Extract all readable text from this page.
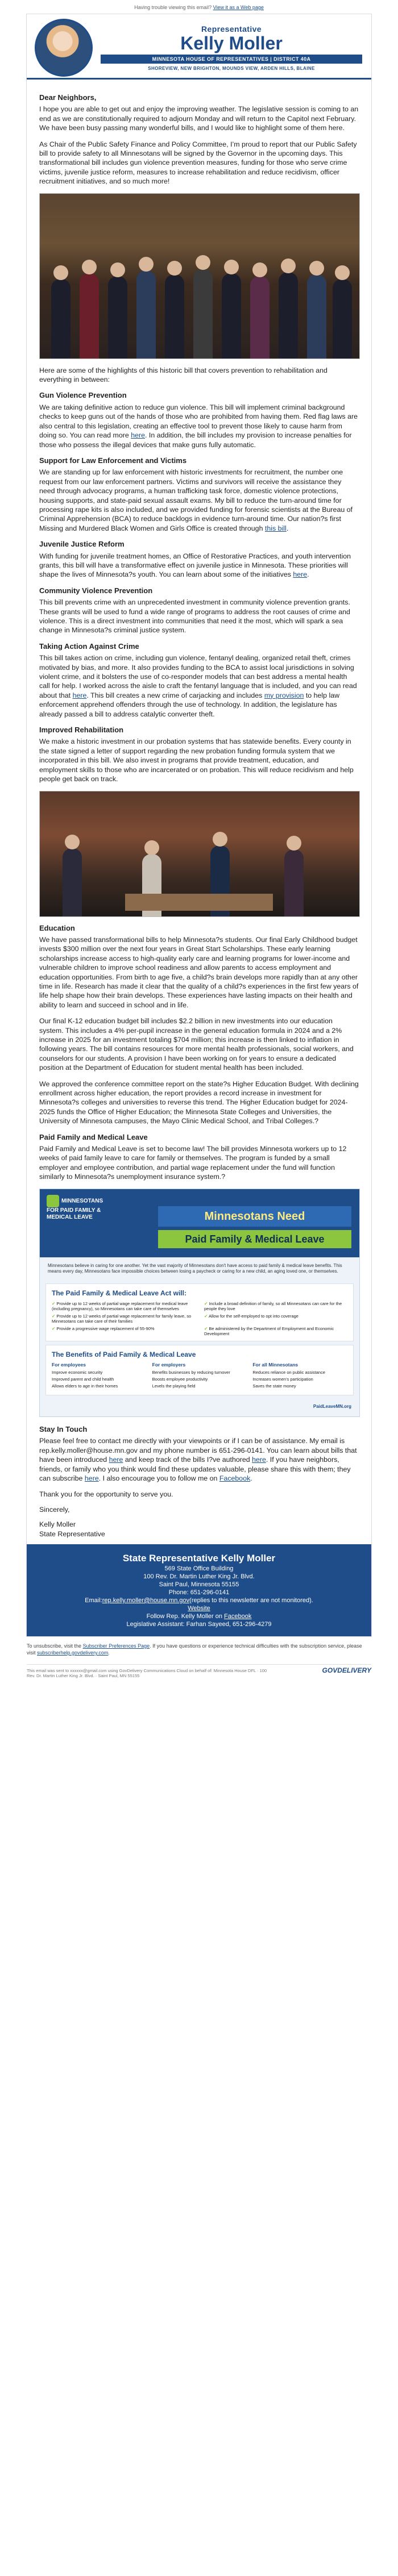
Having trouble viewing this email? View it as a Web page
Representative
Kelly Moller
MINNESOTA HOUSE OF REPRESENTATIVES | DISTRICT 40A
SHOREVIEW, NEW BRIGHTON, MOUNDS VIEW, ARDEN HILLS, BLAINE
Dear Neighbors,

I hope you are able to get out and enjoy the improving weather. The legislative session is coming to an end as we are constitutionally required to adjourn Monday and will return to the Capitol next February. We have been busy passing many wonderful bills, and I would like to highlight some of them here.

As Chair of the Public Safety Finance and Policy Committee, I’m proud to report that our Public Safety bill to provide safety to all Minnesotans will be signed by the Governor in the upcoming days. This transformational bill includes gun violence prevention measures, funding for those who serve crime victims, juvenile justice reform, measures to increase rehabilitation and reduce recidivism, officer recruitment initiatives, and so much more!

Here are some of the highlights of this historic bill that covers prevention to rehabilitation and everything in between:

Gun Violence Prevention

We are taking definitive action to reduce gun violence. This bill will implement criminal background checks to keep guns out of the hands of those who are prohibited from having them. Red flag laws are also central to this legislation, creating an effective tool to prevent those likely to cause harm from doing so. You can read more here. In addition, the bill includes my provision to increase penalties for those who possess the illegal devices that make guns fully automatic.

Support for Law Enforcement and Victims

We are standing up for law enforcement with historic investments for recruitment, the number one request from our law enforcement partners. Victims and survivors will receive the assistance they need through advocacy programs, a human trafficking task force, domestic violence protections, housing supports, and state-paid sexual assault exams. My bill to reduce the turn-around time for processing rape kits is also included, and we provided funding for forensic scientists at the Bureau of Criminal Apprehension (BCA) to reduce backlogs in evidence turn-around time. Our nation?s first Missing and Murdered Black Women and Girls Office is created through this bill.

Juvenile Justice Reform

With funding for juvenile treatment homes, an Office of Restorative Practices, and youth intervention grants, this bill will have a transformative effect on juvenile justice in Minnesota. These priorities will shape the lives of Minnesota?s youth. You can learn about some of the initiatives here.

Community Violence Prevention

This bill prevents crime with an unprecedented investment in community violence prevention grants. These grants will be used to fund a wide range of programs to address the root causes of crime and violence. This is a direct investment into communities that need it the most, which will spark a sea change in Minnesota?s criminal justice system.

Taking Action Against Crime

This bill takes action on crime, including gun violence, fentanyl dealing, organized retail theft, crimes motivated by bias, and more. It also provides funding to the BCA to assist local jurisdictions in solving violent crime, and it bolsters the use of co-responder models that can best address a mental health call for help. I worked across the aisle to craft the fentanyl language that is included, and you can read about that here. This bill creates a new crime of carjacking and includes my provision to help law enforcement apprehend offenders through the use of technology. In addition, the legislature has already passed a bill to address catalytic converter theft.

Improved Rehabilitation

We make a historic investment in our probation systems that has statewide benefits. Every county in the state signed a letter of support regarding the new probation funding formula system that we incorporated in this bill. We also invest in programs that provide treatment, education, and employment skills to those who are incarcerated or on probation. This will reduce recidivism and help people get back on track.

Education

We have passed transformational bills to help Minnesota?s students. Our final Early Childhood budget invests $300 million over the next four years in Great Start Scholarships. These early learning scholarships increase access to high-quality early care and learning programs for lower-income and vulnerable children to improve school readiness and allow parents to access employment and education opportunities. From birth to age five, a child?s brain develops more rapidly than at any other time in life. Research has made it clear that the quality of a child?s experiences in the first few years of life help shape how their brain develops. These experiences have lasting impacts on their health and ability to learn and succeed in school and in life.

Our final K-12 education budget bill includes $2.2 billion in new investments into our education system. This includes a 4% per-pupil increase in the general education formula in 2024 and a 2% increase in 2025 for an investment totaling $704 million; this increase is then linked to inflation in following years. The bill contains resources for more mental health professionals, social workers, and counselors for our students. A provision I have been working on for years to ensure a dedicated position at the Department of Education for student mental health has been included.

We approved the conference committee report on the state?s Higher Education Budget. With declining enrollment across higher education, the report provides a record increase in investment for Minnesota?s colleges and universities to reverse this trend. The Higher Education budget for 2024-2025 funds the Office of Higher Education; the Minnesota State Colleges and Universities, the University of Minnesota campuses, the Mayo Clinic Medical School, and Tribal Colleges.?

Paid Family and Medical Leave

Paid Family and Medical Leave is set to become law! The bill provides Minnesota workers up to 12 weeks of paid family leave to care for family or themselves. The program is funded by a small employer and employee contribution, and partial wage replacement under the fund will function similarly to Minnesota?s unemployment insurance system.?

MINNESOTANS FOR PAID FAMILY & MEDICAL LEAVE	Minnesotans Need
Paid Family & Medical Leave
Minnesotans believe in caring for one another. Yet the vast majority of Minnesotans don't have access to paid family & medical leave benefits. This means every day, Minnesotans face impossible choices between losing a paycheck or caring for a new child, an aging loved one, or themselves.
The Paid Family & Medical Leave Act will:
✔ Provide up to 12 weeks of partial wage replacement for medical leave (including pregnancy), so Minnesotans can take care of themselves
✔ Include a broad definition of family, so all Minnesotans can care for the people they love
✔ Provide up to 12 weeks of partial wage replacement for family leave, so Minnesotans can take care of their families
✔ Allow for the self-employed to opt into coverage
✔ Provide a progressive wage replacement of 55-90%
✔	Be administered by the Department of Employment and Economic Development
The Benefits of Paid Family & Medical Leave
For employees
Improve economic security
Improved parent and child health
Allows elders to age in their homes
For employers
Benefits businesses by reducing turnover
Boosts employee productivity
Levels the playing field
For all Minnesotans
Reduces reliance on public assistance
Increases women's participation
Saves the state money
PaidLeaveMN.org
Stay In Touch

Please feel free to contact me directly with your viewpoints or if I can be of assistance. My email is rep.kelly.moller@house.mn.gov and my phone number is 651-296-0141. You can learn about bills that have been introduced here and keep track of the bills I?ve authored here. If you have neighbors, friends, or family who you think would find these updates valuable, please share this with them; they can subscribe here. I also encourage you to follow me on Facebook.

Thank you for the opportunity to serve you.

Sincerely,

Kelly Moller
State Representative
State Representative Kelly Moller
569 State Office Building
100 Rev. Dr. Martin Luther King Jr. Blvd.
Saint Paul, Minnesota 55155
Phone: 651-296-0141
Email:rep.kelly.moller@house.mn.gov(replies to this newsletter are not monitored).
Website
Follow Rep. Kelly Moller on Facebook
Legislative Assistant: Farhan Sayeed, 651-296-4279
To unsubscribe, visit the Subscriber Preferences Page. If you have questions or experience technical difficulties with the subscription service, please visit subscriberhelp.govdelivery.com.
This email was sent to xxxxxx@gmail.com using GovDelivery Communications Cloud on behalf of: Minnesota House DFL · 100
Rev. Dr. Martin Luther King Jr. Blvd. · Saint Paul, MN 55155
GOVDELIVERY
